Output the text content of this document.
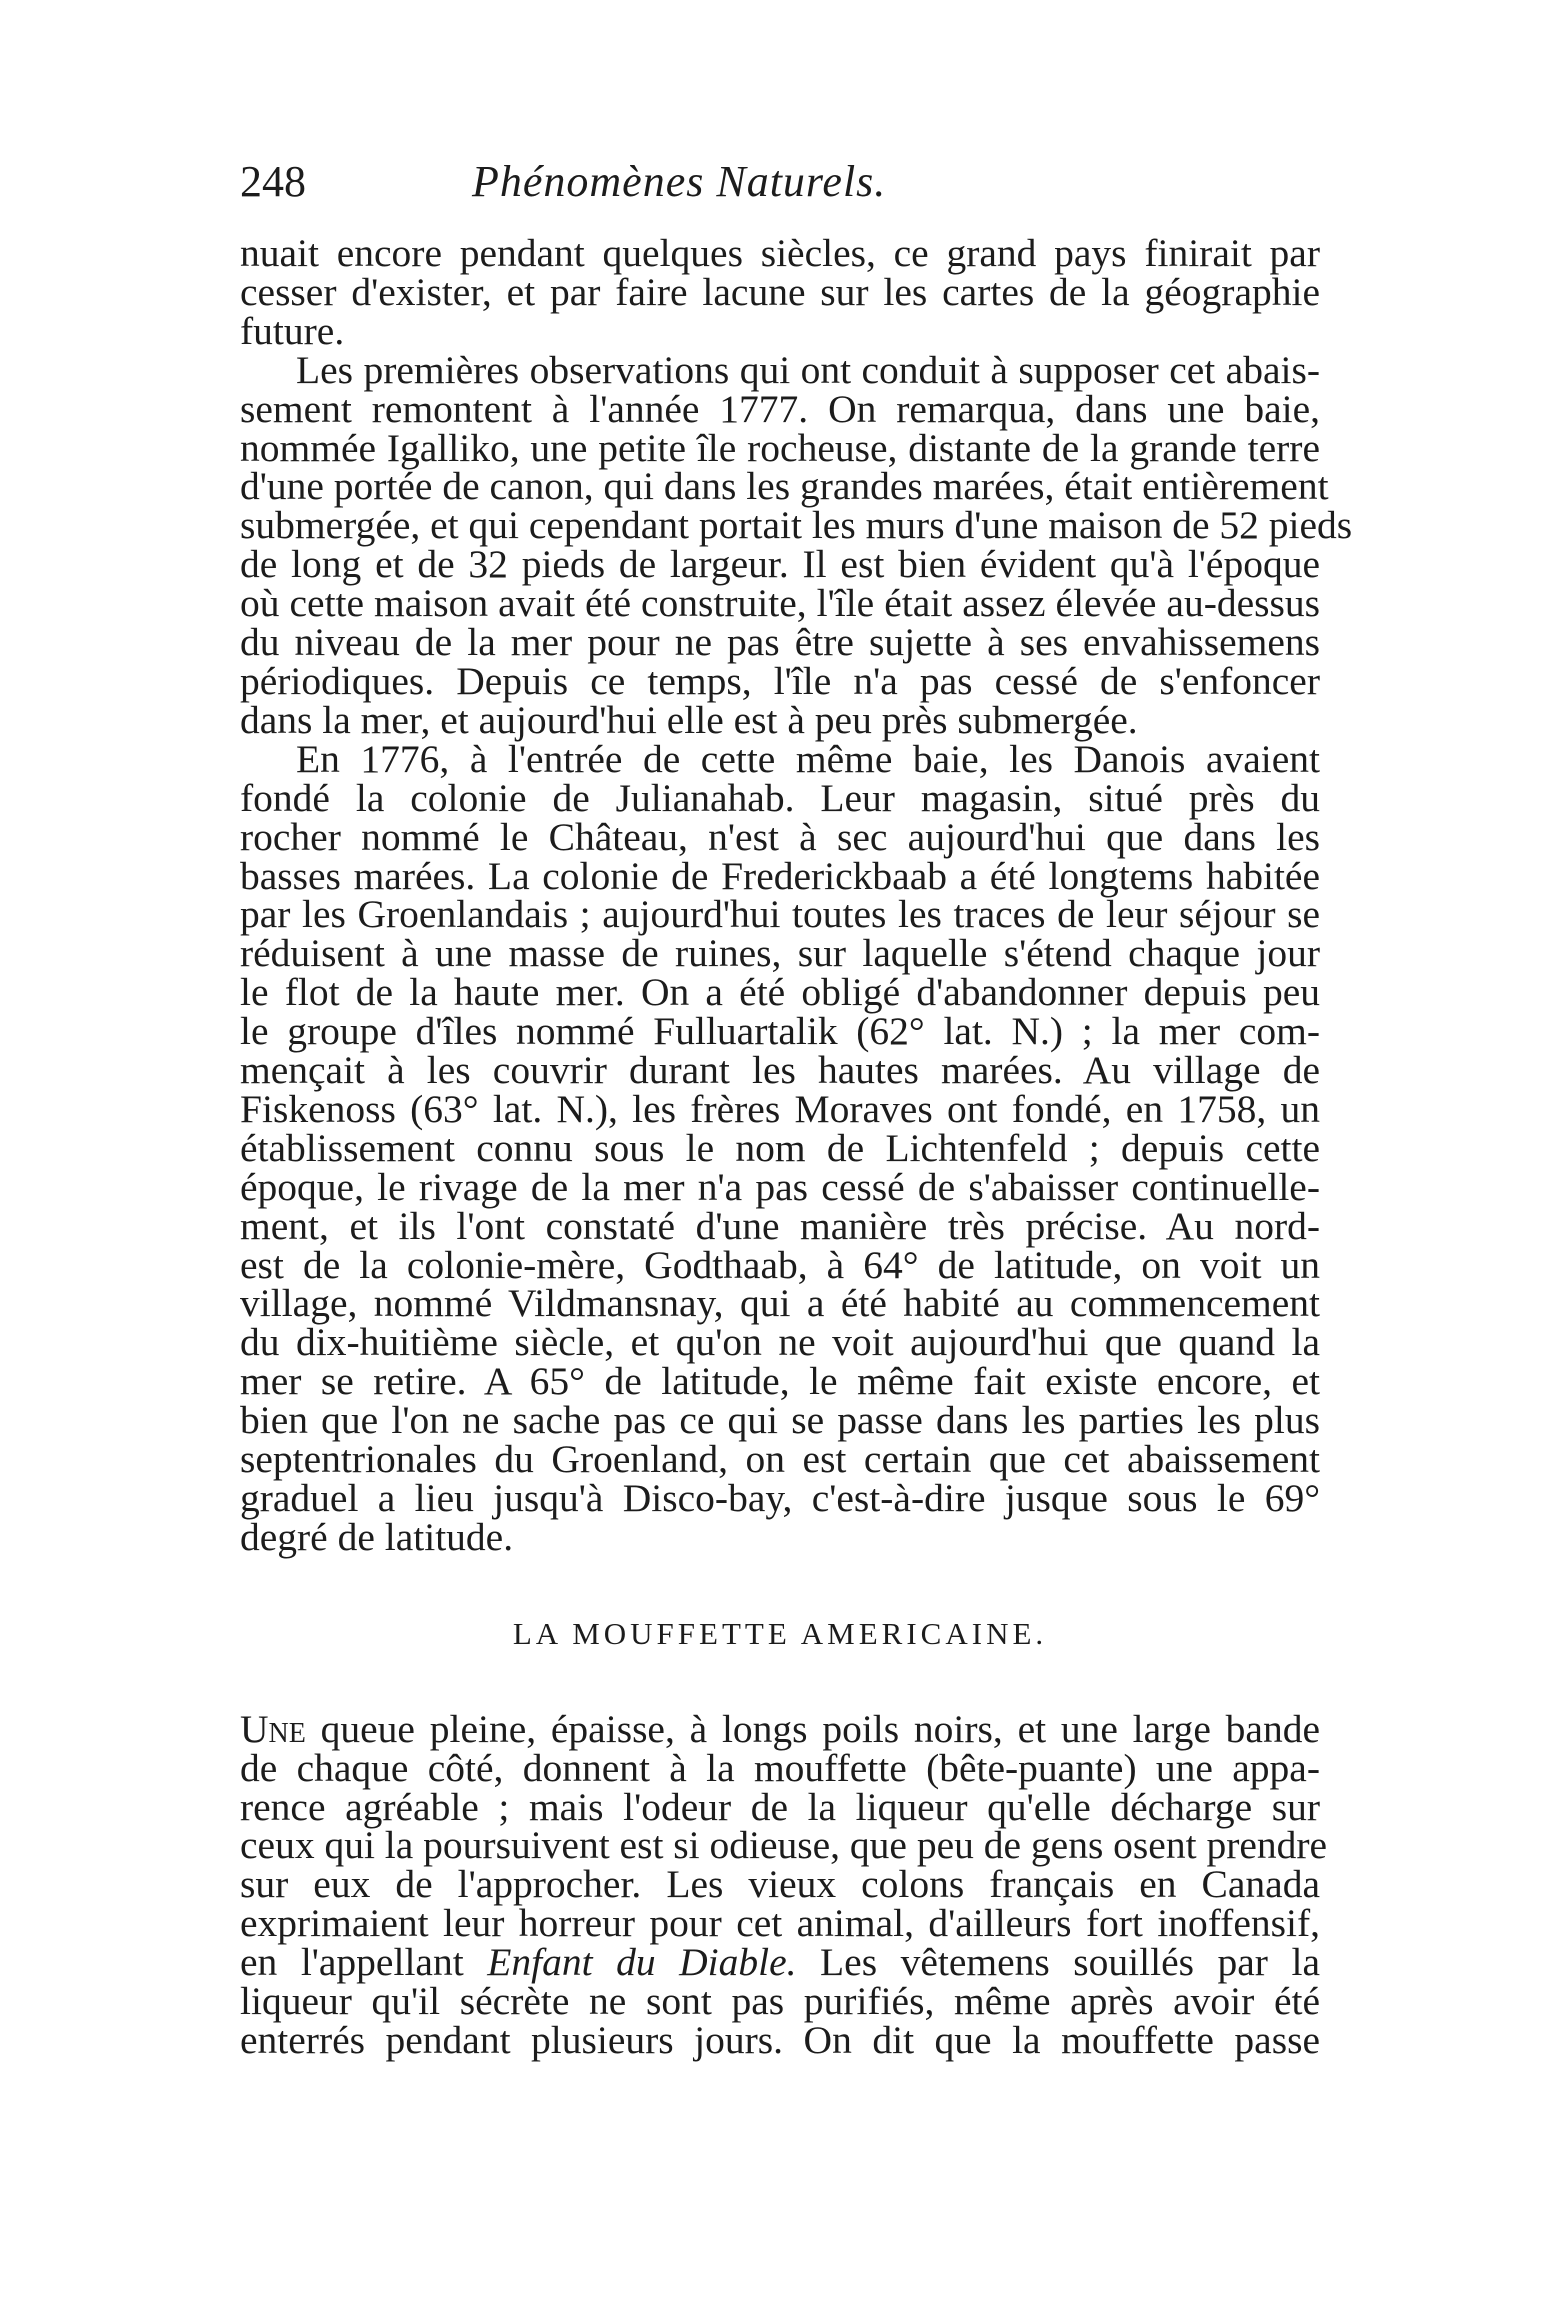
248	Phénomènes Naturels.
nuait encore pendant quelques siècles, ce grand pays finirait par
cesser d'exister, et par faire lacune sur les cartes de la géographie
future.
Les premières observations qui ont conduit à supposer cet abais-
sement remontent à l'année 1777. On remarqua, dans une baie,
nommée Igalliko, une petite île rocheuse, distante de la grande terre
d'une portée de canon, qui dans les grandes marées, était entièrement
submergée, et qui cependant portait les murs d'une maison de 52 pieds
de long et de 32 pieds de largeur. Il est bien évident qu'à l'époque
où cette maison avait été construite, l'île était assez élevée au-dessus
du niveau de la mer pour ne pas être sujette à ses envahissemens
périodiques. Depuis ce temps, l'île n'a pas cessé de s'enfoncer
dans la mer, et aujourd'hui elle est à peu près submergée.
En 1776, à l'entrée de cette même baie, les Danois avaient
fondé la colonie de Julianahab. Leur magasin, situé près du
rocher nommé le Château, n'est à sec aujourd'hui que dans les
basses marées. La colonie de Frederickbaab a été longtems habitée
par les Groenlandais ; aujourd'hui toutes les traces de leur séjour se
réduisent à une masse de ruines, sur laquelle s'étend chaque jour
le flot de la haute mer. On a été obligé d'abandonner depuis peu
le groupe d'îles nommé Fulluartalik (62° lat. N.) ; la mer com-
mençait à les couvrir durant les hautes marées. Au village de
Fiskenoss (63° lat. N.), les frères Moraves ont fondé, en 1758, un
établissement connu sous le nom de Lichtenfeld ; depuis cette
époque, le rivage de la mer n'a pas cessé de s'abaisser continuelle-
ment, et ils l'ont constaté d'une manière très précise. Au nord-
est de la colonie-mère, Godthaab, à 64° de latitude, on voit un
village, nommé Vildmansnay, qui a été habité au commencement
du dix-huitième siècle, et qu'on ne voit aujourd'hui que quand la
mer se retire. A 65° de latitude, le même fait existe encore, et
bien que l'on ne sache pas ce qui se passe dans les parties les plus
septentrionales du Groenland, on est certain que cet abaissement
graduel a lieu jusqu'à Disco-bay, c'est-à-dire jusque sous le 69°
degré de latitude.
LA MOUFFETTE AMERICAINE.
Une queue pleine, épaisse, à longs poils noirs, et une large bande
de chaque côté, donnent à la mouffette (bête-puante) une appa-
rence agréable ; mais l'odeur de la liqueur qu'elle décharge sur
ceux qui la poursuivent est si odieuse, que peu de gens osent prendre
sur eux de l'approcher. Les vieux colons français en Canada
exprimaient leur horreur pour cet animal, d'ailleurs fort inoffensif,
en l'appellant Enfant du Diable. Les vêtemens souillés par la
liqueur qu'il sécrète ne sont pas purifiés, même après avoir été
enterrés pendant plusieurs jours. On dit que la mouffette passe
